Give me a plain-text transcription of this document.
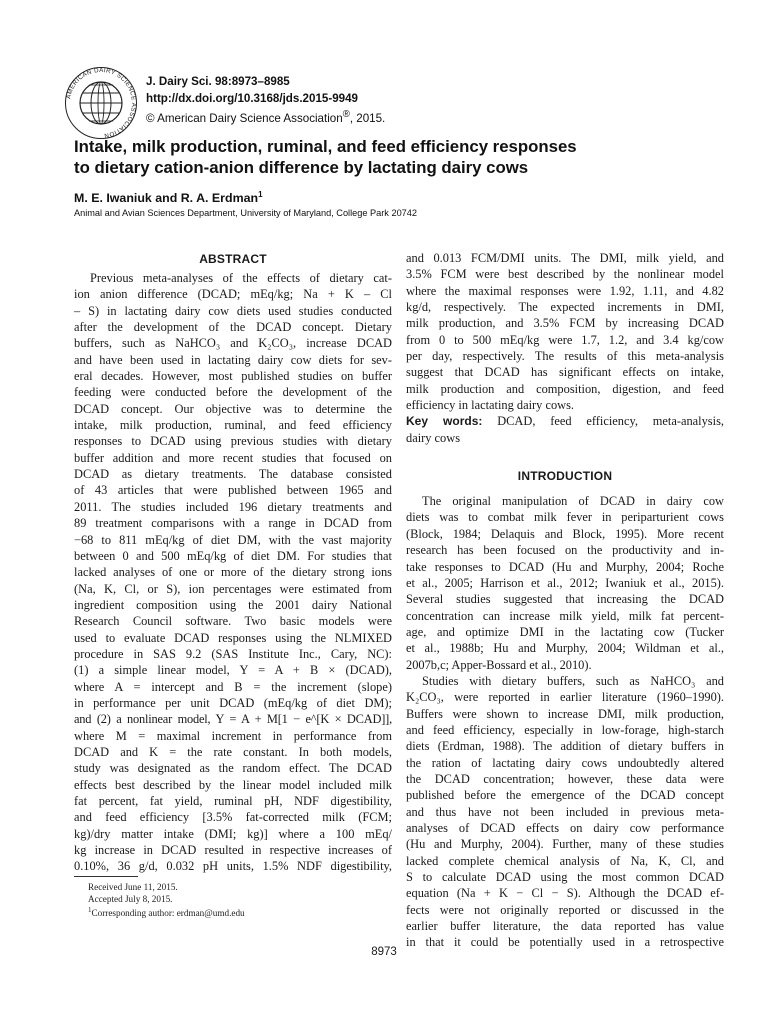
AMERICAN DAIRY SCIENCE ASSOCIATION
J. Dairy Sci. 98:8973–8985
http://dx.doi.org/10.3168/jds.2015-9949
© American Dairy Science Association®, 2015.
Intake, milk production, ruminal, and feed efficiency responses
to dietary cation-anion difference by lactating dairy cows
M. E. Iwaniuk and R. A. Erdman$^1$
Animal and Avian Sciences Department, University of Maryland, College Park 20742
ABSTRACT
Previous meta-analyses of the effects of dietary cat-
ion anion difference (DCAD; mEq/kg; Na + K – Cl
– S) in lactating dairy cow diets used studies conducted
after the development of the DCAD concept. Dietary
buffers, such as NaHCO₃ and K₂CO₃, increase DCAD
and have been used in lactating dairy cow diets for sev-
eral decades. However, most published studies on buffer
feeding were conducted before the development of the
DCAD concept. Our objective was to determine the
intake, milk production, ruminal, and feed efficiency
responses to DCAD using previous studies with dietary
buffer addition and more recent studies that focused on
DCAD as dietary treatments. The database consisted
of 43 articles that were published between 1965 and
2011. The studies included 196 dietary treatments and
89 treatment comparisons with a range in DCAD from
−68 to 811 mEq/kg of diet DM, with the vast majority
between 0 and 500 mEq/kg of diet DM. For studies that
lacked analyses of one or more of the dietary strong ions
(Na, K, Cl, or S), ion percentages were estimated from
ingredient composition using the 2001 dairy National
Research Council software. Two basic models were
used to evaluate DCAD responses using the NLMIXED
procedure in SAS 9.2 (SAS Institute Inc., Cary, NC):
(1) a simple linear model, Y = A + B × (DCAD),
where A = intercept and B = the increment (slope)
in performance per unit DCAD (mEq/kg of diet DM);
and (2) a nonlinear model, Y = A + M[1 − e^[K × DCAD]],
where M = maximal increment in performance from
DCAD and K = the rate constant. In both models,
study was designated as the random effect. The DCAD
effects best described by the linear model included milk
fat percent, fat yield, ruminal pH, NDF digestibility,
and feed efficiency [3.5% fat-corrected milk (FCM;
kg)/dry matter intake (DMI; kg)] where a 100 mEq/
kg increase in DCAD resulted in respective increases of
0.10%, 36 g/d, 0.032 pH units, 1.5% NDF digestibility,
and 0.013 FCM/DMI units. The DMI, milk yield, and
3.5% FCM were best described by the nonlinear model
where the maximal responses were 1.92, 1.11, and 4.82
kg/d, respectively. The expected increments in DMI,
milk production, and 3.5% FCM by increasing DCAD
from 0 to 500 mEq/kg were 1.7, 1.2, and 3.4 kg/cow
per day, respectively. The results of this meta-analysis
suggest that DCAD has significant effects on intake,
milk production and composition, digestion, and feed
efficiency in lactating dairy cows.
Key words: DCAD, feed efficiency, meta-analysis,
dairy cows
INTRODUCTION
The original manipulation of DCAD in dairy cow
diets was to combat milk fever in periparturient cows
(Block, 1984; Delaquis and Block, 1995). More recent
research has been focused on the productivity and in-
take responses to DCAD (Hu and Murphy, 2004; Roche
et al., 2005; Harrison et al., 2012; Iwaniuk et al., 2015).
Several studies suggested that increasing the DCAD
concentration can increase milk yield, milk fat percent-
age, and optimize DMI in the lactating cow (Tucker
et al., 1988b; Hu and Murphy, 2004; Wildman et al.,
2007b,c; Apper-Bossard et al., 2010).
Studies with dietary buffers, such as NaHCO₃ and
K₂CO₃, were reported in earlier literature (1960–1990).
Buffers were shown to increase DMI, milk production,
and feed efficiency, especially in low-forage, high-starch
diets (Erdman, 1988). The addition of dietary buffers in
the ration of lactating dairy cows undoubtedly altered
the DCAD concentration; however, these data were
published before the emergence of the DCAD concept
and thus have not been included in previous meta-
analyses of DCAD effects on dairy cow performance
(Hu and Murphy, 2004). Further, many of these studies
lacked complete chemical analysis of Na, K, Cl, and
S to calculate DCAD using the most common DCAD
equation (Na + K − Cl − S). Although the DCAD ef-
fects were not originally reported or discussed in the
earlier buffer literature, the data reported has value
in that it could be potentially used in a retrospective
Received June 11, 2015.
Accepted July 8, 2015.
$^1$Corresponding author: erdman@umd.edu
8973
